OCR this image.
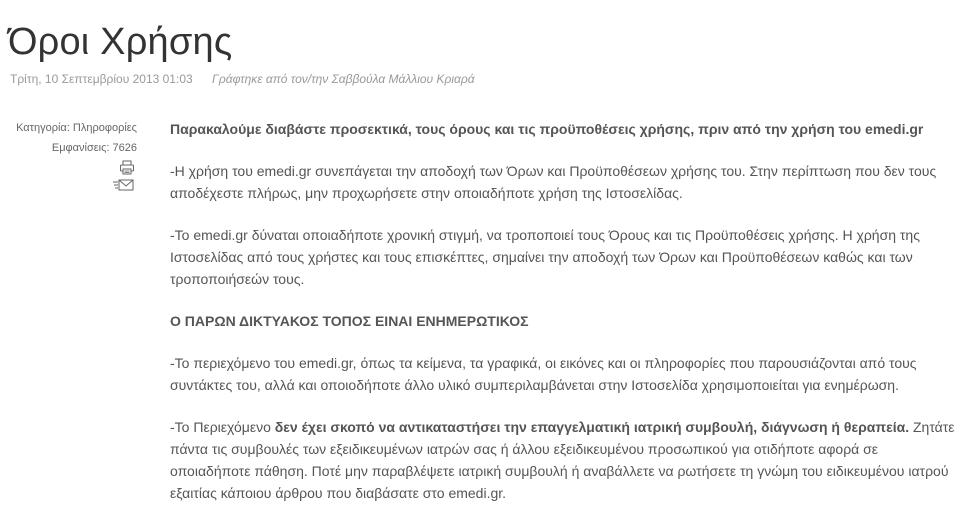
Όροι Χρήσης
Τρίτη, 10 Σεπτεμβρίου 2013 01:03 Γράφτηκε από τον/την Σαββούλα Μάλλιου Κριαρά
Κατηγορία: Πληροφορίες
Εμφανίσεις: 7626

Παρακαλούμε διαβάστε προσεκτικά, τους όρους και τις προϋποθέσεις χρήσης, πριν από την χρήση του emedi.gr

-Η χρήση του emedi.gr συνεπάγεται την αποδοχή των Όρων και Προϋποθέσεων χρήσης του. Στην περίπτωση που δεν τους αποδέχεστε πλήρως, μην προχωρήσετε στην οποιαδήποτε χρήση της Ιστοσελίδας.

-Το emedi.gr δύναται οποιαδήποτε χρονική στιγμή, να τροποποιεί τους Όρους και τις Προϋποθέσεις χρήσης. Η χρήση της Ιστοσελίδας από τους χρήστες και τους επισκέπτες, σημαίνει την αποδοχή των Όρων και Προϋποθέσεων καθώς και των τροποποιήσεών τους.

Ο ΠΑΡΩΝ ΔΙΚΤΥΑΚΟΣ ΤΟΠΟΣ ΕΙΝΑΙ ΕΝΗΜΕΡΩΤΙΚΟΣ

-Το περιεχόμενο του emedi.gr, όπως τα κείμενα, τα γραφικά, οι εικόνες και οι πληροφορίες που παρουσιάζονται από τους συντάκτες του, αλλά και οποιοδήποτε άλλο υλικό συμπεριλαμβάνεται στην Ιστοσελίδα χρησιμοποιείται για ενημέρωση.

-Το Περιεχόμενο δεν έχει σκοπό να αντικαταστήσει την επαγγελματική ιατρική συμβουλή, διάγνωση ή θεραπεία. Ζητάτε πάντα τις συμβουλές των εξειδικευμένων ιατρών σας ή άλλου εξειδικευμένου προσωπικού για οτιδήποτε αφορά σε οποιαδήποτε πάθηση. Ποτέ μην παραβλέψετε ιατρική συμβουλή ή αναβάλλετε να ρωτήσετε τη γνώμη του ειδικευμένου ιατρού εξαιτίας κάποιου άρθρου που διαβάσατε στο emedi.gr.
